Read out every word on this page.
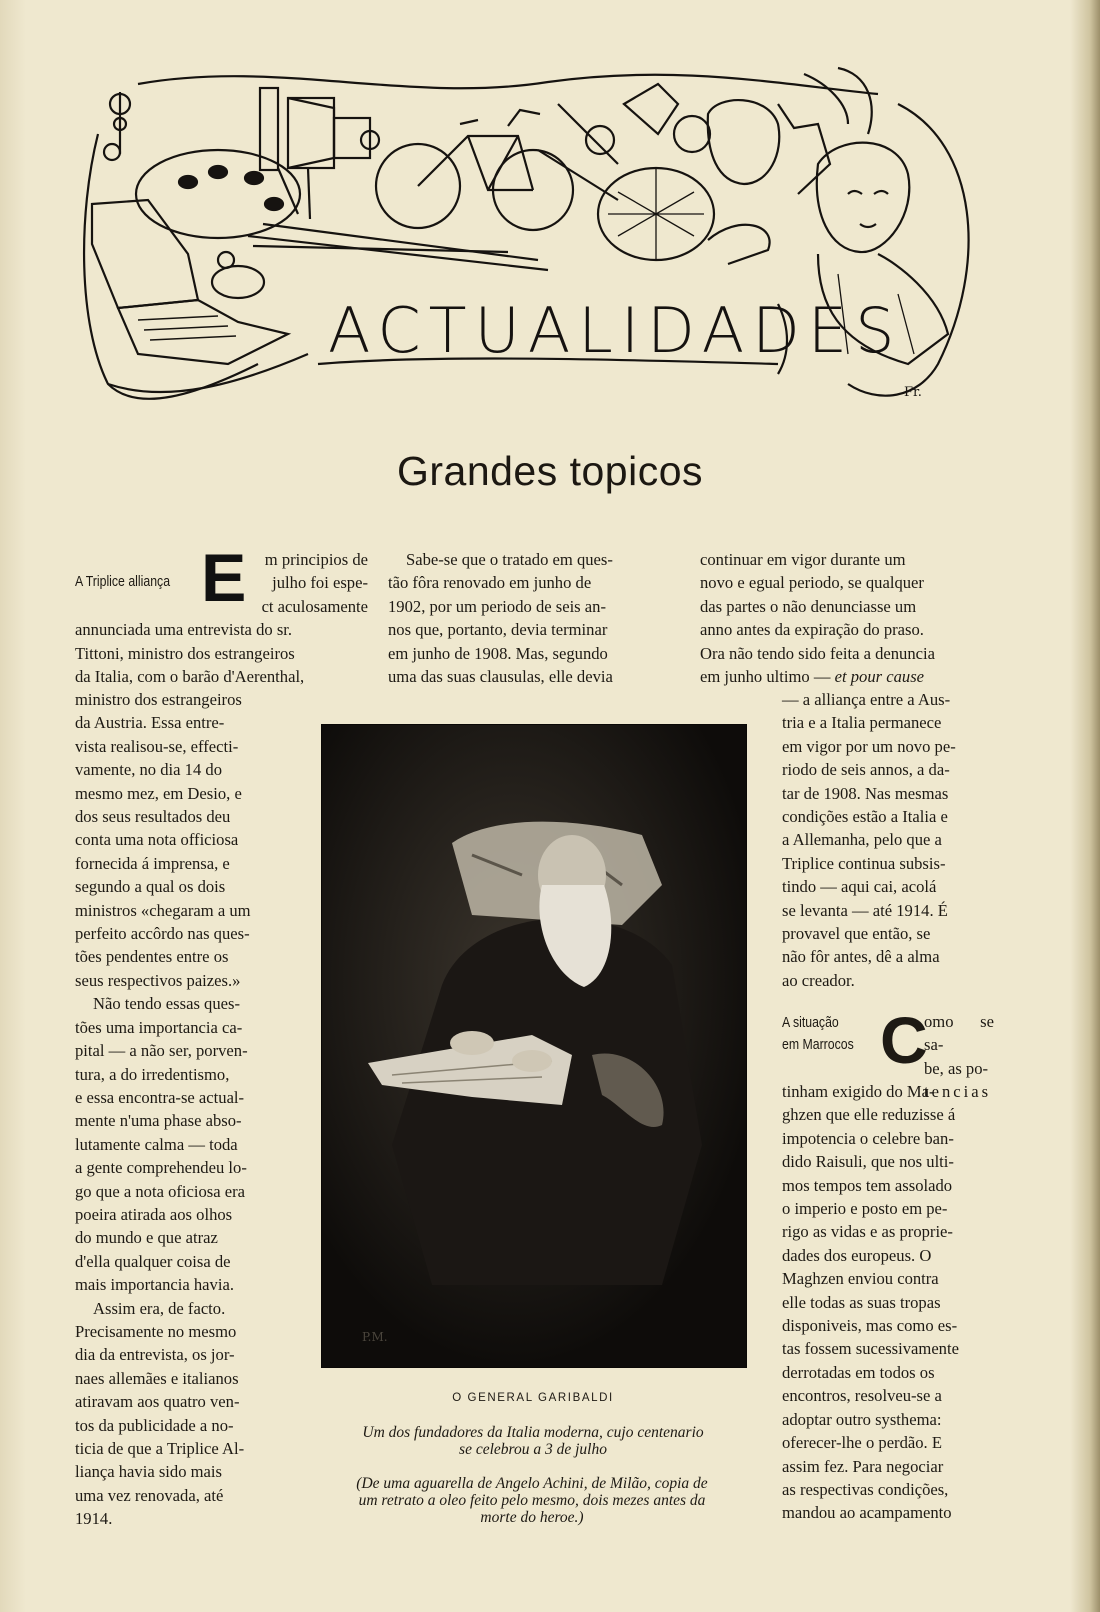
Fr.
ACTUALIDADES
Grandes topicos
A Triplice alliança E	m principios de
julho foi espe-
ct aculosamente
annunciada uma entrevista do sr.
Tittoni, ministro dos estrangeiros
da Italia, com o barão d'Aerenthal,
ministro dos estrangeiros
da Austria. Essa entre-
vista realisou-se, effecti-
vamente, no dia 14 do
mesmo mez, em Desio, e
dos seus resultados deu
conta uma nota officiosa
fornecida á imprensa, e
segundo a qual os dois
ministros «chegaram a um
perfeito accôrdo nas ques-
tões pendentes entre os
seus respectivos paizes.»
Não tendo essas ques-
tões uma importancia ca-
pital — a não ser, porven-
tura, a do irredentismo,
e essa encontra-se actual-
mente n'uma phase abso-
lutamente calma — toda
a gente comprehendeu lo-
go que a nota oficiosa era
poeira atirada aos olhos
do mundo e que atraz
d'ella qualquer coisa de
mais importancia havia.
Assim era, de facto.
Precisamente no mesmo
dia da entrevista, os jor-
naes allemães e italianos
atiravam aos quatro ven-
tos da publicidade a no-
ticia de que a Triplice Al-
liança havia sido mais
uma vez renovada, até
1914.
Sabe-se que o tratado em ques-
tão fôra renovado em junho de
1902, por um periodo de seis an-
nos que, portanto, devia terminar
em junho de 1908. Mas, segundo
uma das suas clausulas, elle devia
continuar em vigor durante um
novo e egual periodo, se qualquer
das partes o não denunciasse um
anno antes da expiração do praso.
Ora não tendo sido feita a denuncia
em junho ultimo — et pour cause
— a alliança entre a Aus-
tria e a Italia permanece
em vigor por um novo pe-
riodo de seis annos, a da-
tar de 1908. Nas mesmas
condições estão a Italia e
a Allemanha, pelo que a
Triplice continua subsis-
tindo — aqui cai, acolá
se levanta — até 1914. É
provavel que então, se
não fôr antes, dê a alma
ao creador.
A situação
em Marrocos C
omo se sa-
be, as po-
tencias
tinham exigido do Ma-
ghzen que elle reduzisse á
impotencia o celebre ban-
dido Raisuli, que nos ulti-
mos tempos tem assolado
o imperio e posto em pe-
rigo as vidas e as proprie-
dades dos europeus. O
Maghzen enviou contra
elle todas as suas tropas
disponiveis, mas como es-
tas fossem sucessivamente
derrotadas em todos os
encontros, resolveu-se a
adoptar outro systhema:
oferecer-lhe o perdão. E
assim fez. Para negociar
as respectivas condições,
mandou ao acampamento
P.M.
O GENERAL GARIBALDI
Um dos fundadores da Italia moderna, cujo centenario
se celebrou a 3 de julho
(De uma aguarella de Angelo Achini, de Milão, copia de
um retrato a oleo feito pelo mesmo, dois mezes antes da
morte do heroe.)
